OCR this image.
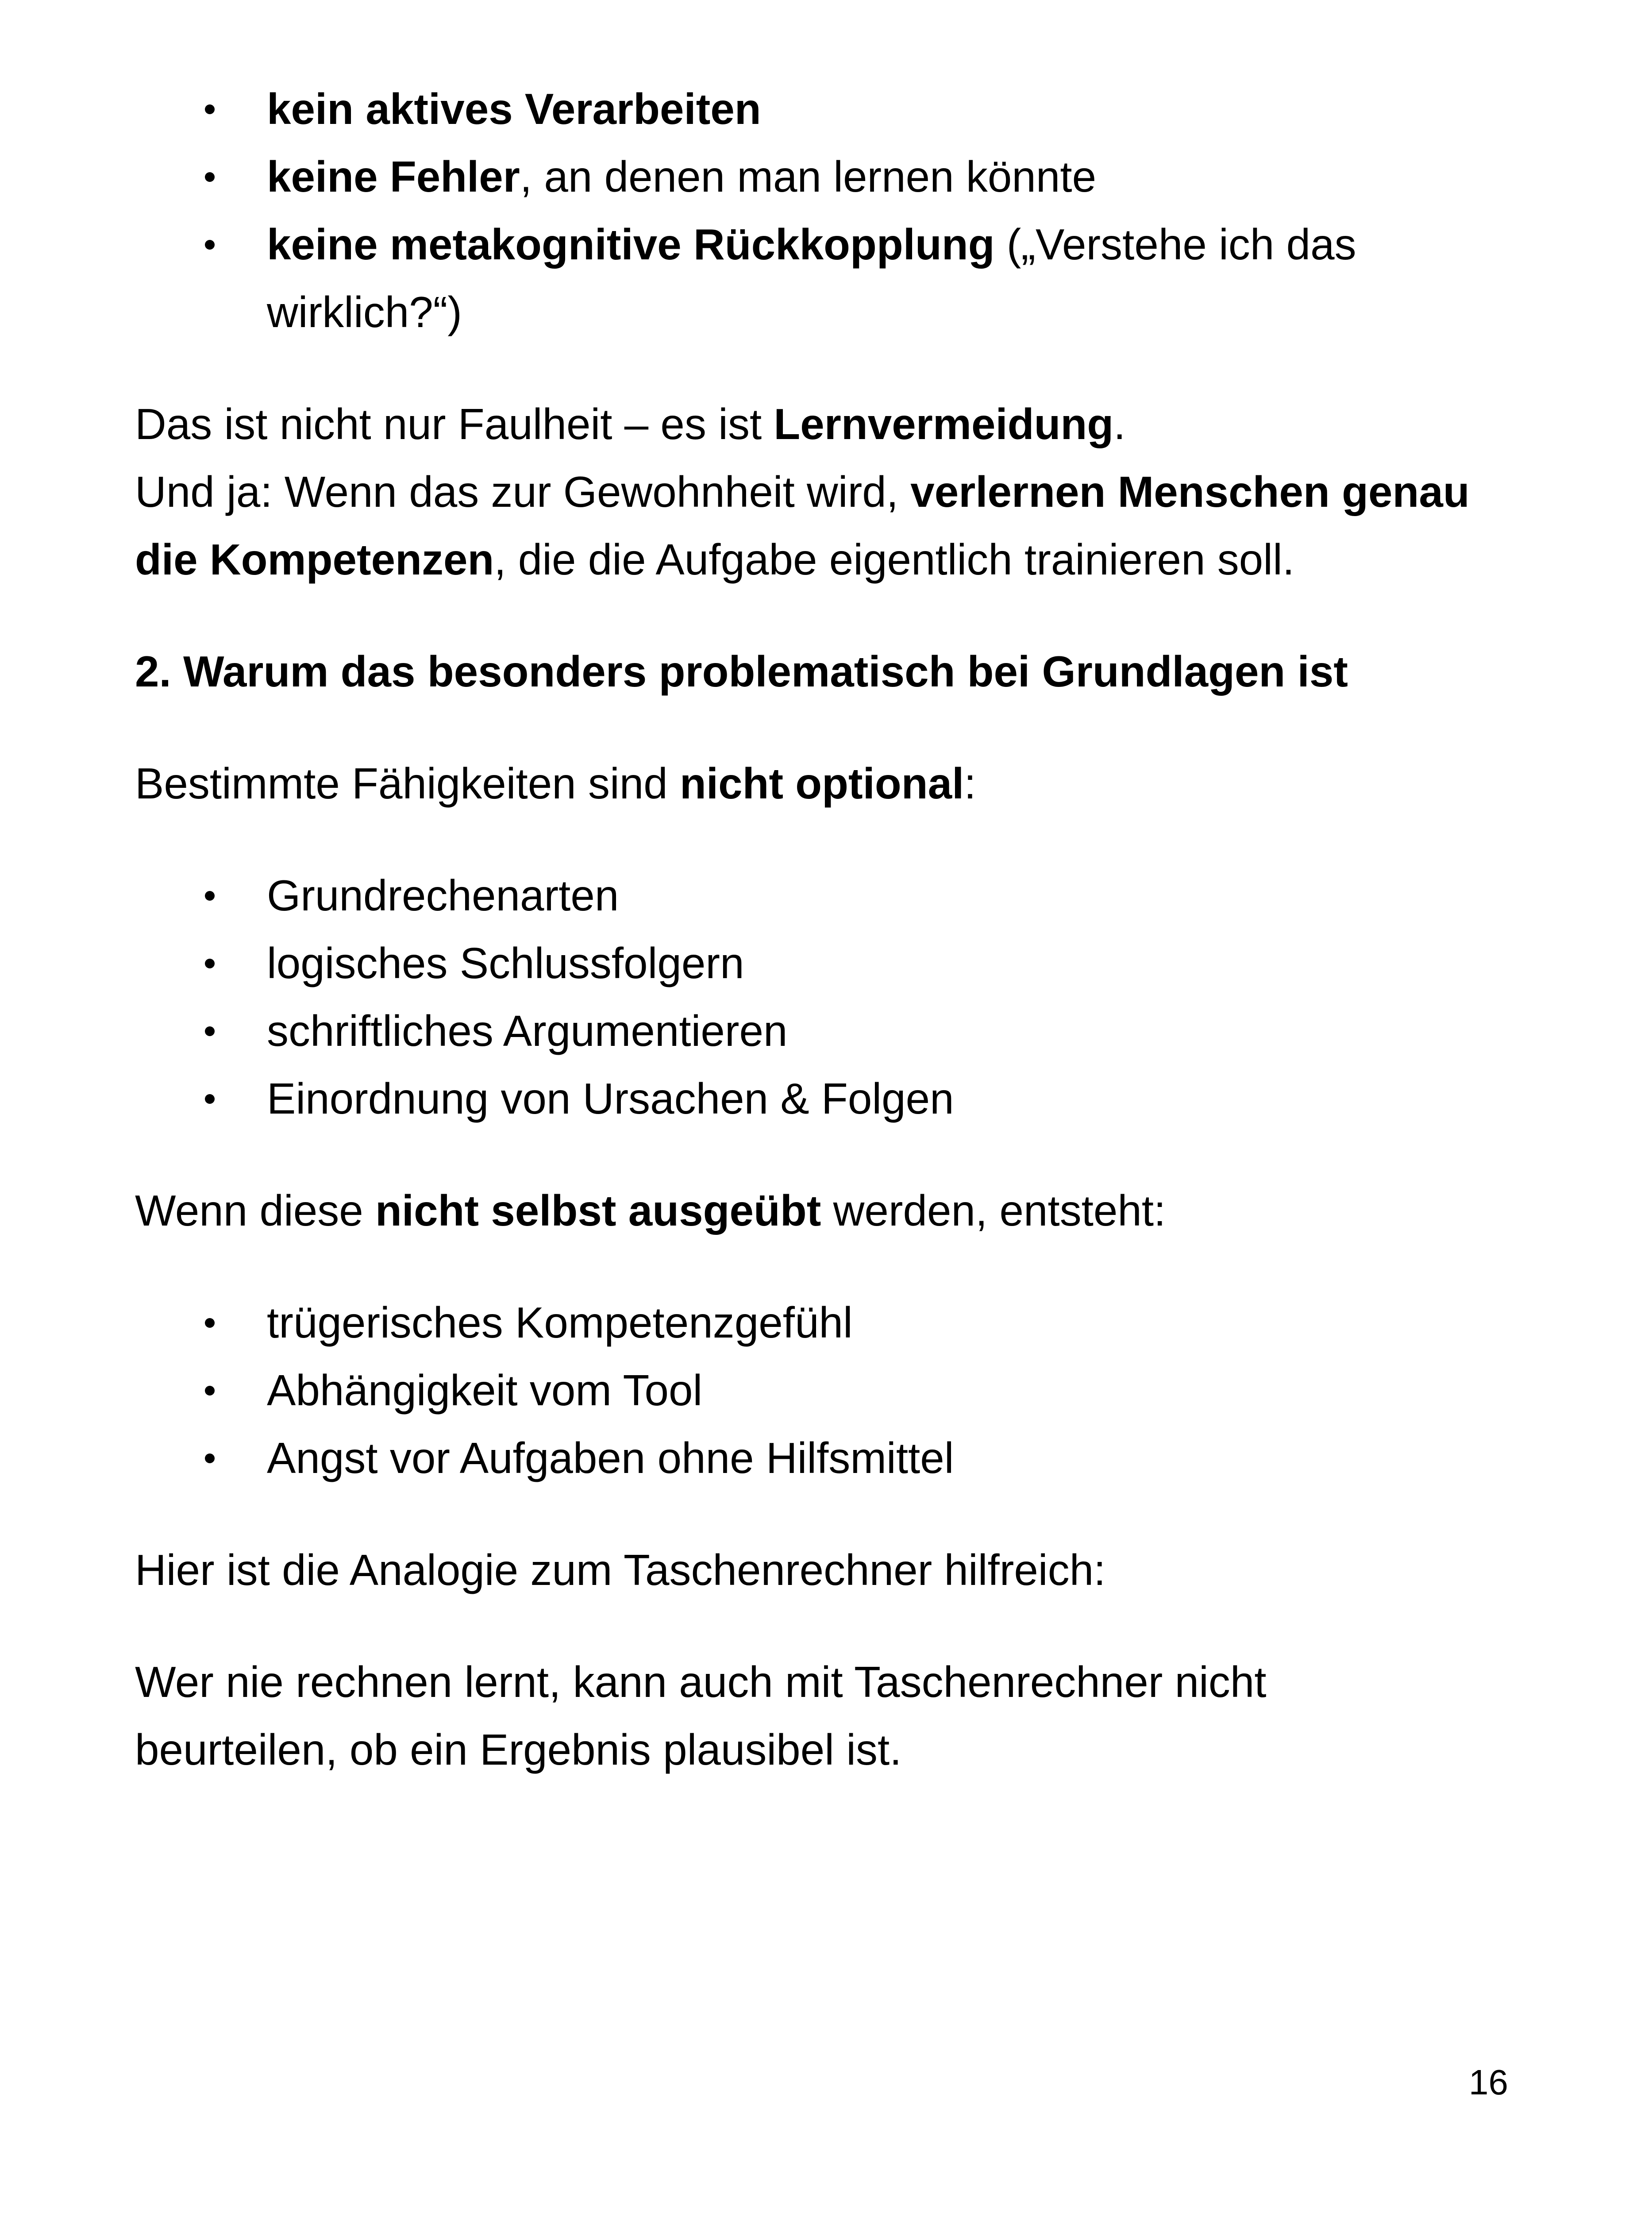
kein aktives Verarbeiten
keine Fehler, an denen man lernen könnte
keine metakognitive Rückkopplung („Verstehe ich das wirklich?“)

Das ist nicht nur Faulheit – es ist Lernvermeidung.
Und ja: Wenn das zur Gewohnheit wird, verlernen Menschen genau die Kompetenzen, die die Aufgabe eigentlich trainieren soll.

2. Warum das besonders problematisch bei Grundlagen ist

Bestimmte Fähigkeiten sind nicht optional:

Grundrechenarten
logisches Schlussfolgern
schriftliches Argumentieren
Einordnung von Ursachen & Folgen

Wenn diese nicht selbst ausgeübt werden, entsteht:

trügerisches Kompetenzgefühl
Abhängigkeit vom Tool
Angst vor Aufgaben ohne Hilfsmittel

Hier ist die Analogie zum Taschenrechner hilfreich:

Wer nie rechnen lernt, kann auch mit Taschenrechner nicht beurteilen, ob ein Ergebnis plausibel ist.

16
